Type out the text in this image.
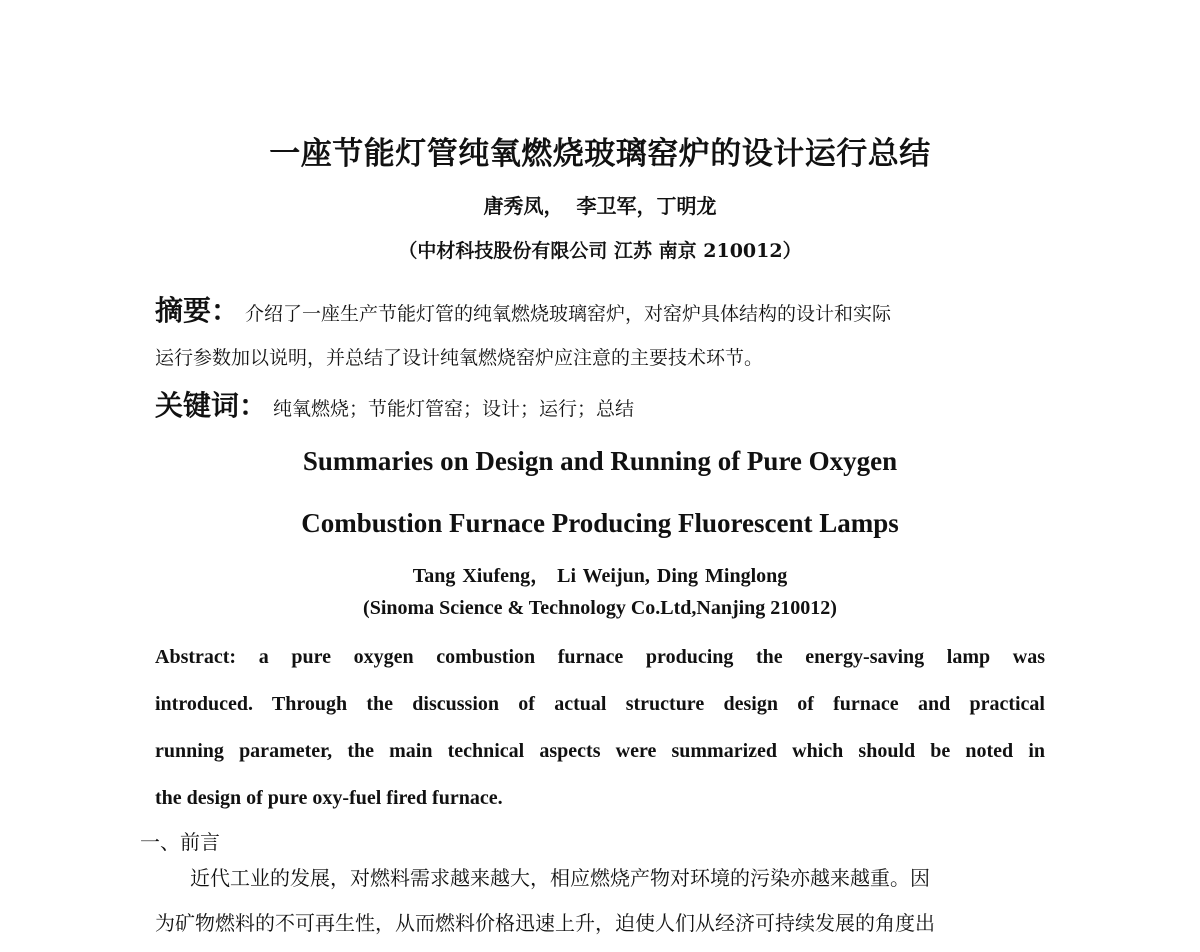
一座节能灯管纯氧燃烧玻璃窑炉的设计运行总结
唐秀凤， 李卫军，丁明龙
（中材科技股份有限公司 江苏 南京 210012）
摘要： 介绍了一座生产节能灯管的纯氧燃烧玻璃窑炉，对窑炉具体结构的设计和实际
运行参数加以说明，并总结了设计纯氧燃烧窑炉应注意的主要技术环节。
关键词： 纯氧燃烧；节能灯管窑；设计；运行；总结
Summaries on Design and Running of Pure Oxygen
Combustion Furnace Producing Fluorescent Lamps
Tang Xiufeng， Li Weijun, Ding Minglong
(Sinoma Science & Technology Co.Ltd,Nanjing 210012)
Abstract: a pure oxygen combustion furnace producing the energy-saving lamp was
introduced. Through the discussion of actual structure design of furnace and practical
running parameter, the main technical aspects were summarized which should be noted in
the design of pure oxy-fuel fired furnace.
一、前言
近代工业的发展，对燃料需求越来越大，相应燃烧产物对环境的污染亦越来越重。因
为矿物燃料的不可再生性，从而燃料价格迅速上升，迫使人们从经济可持续发展的角度出
